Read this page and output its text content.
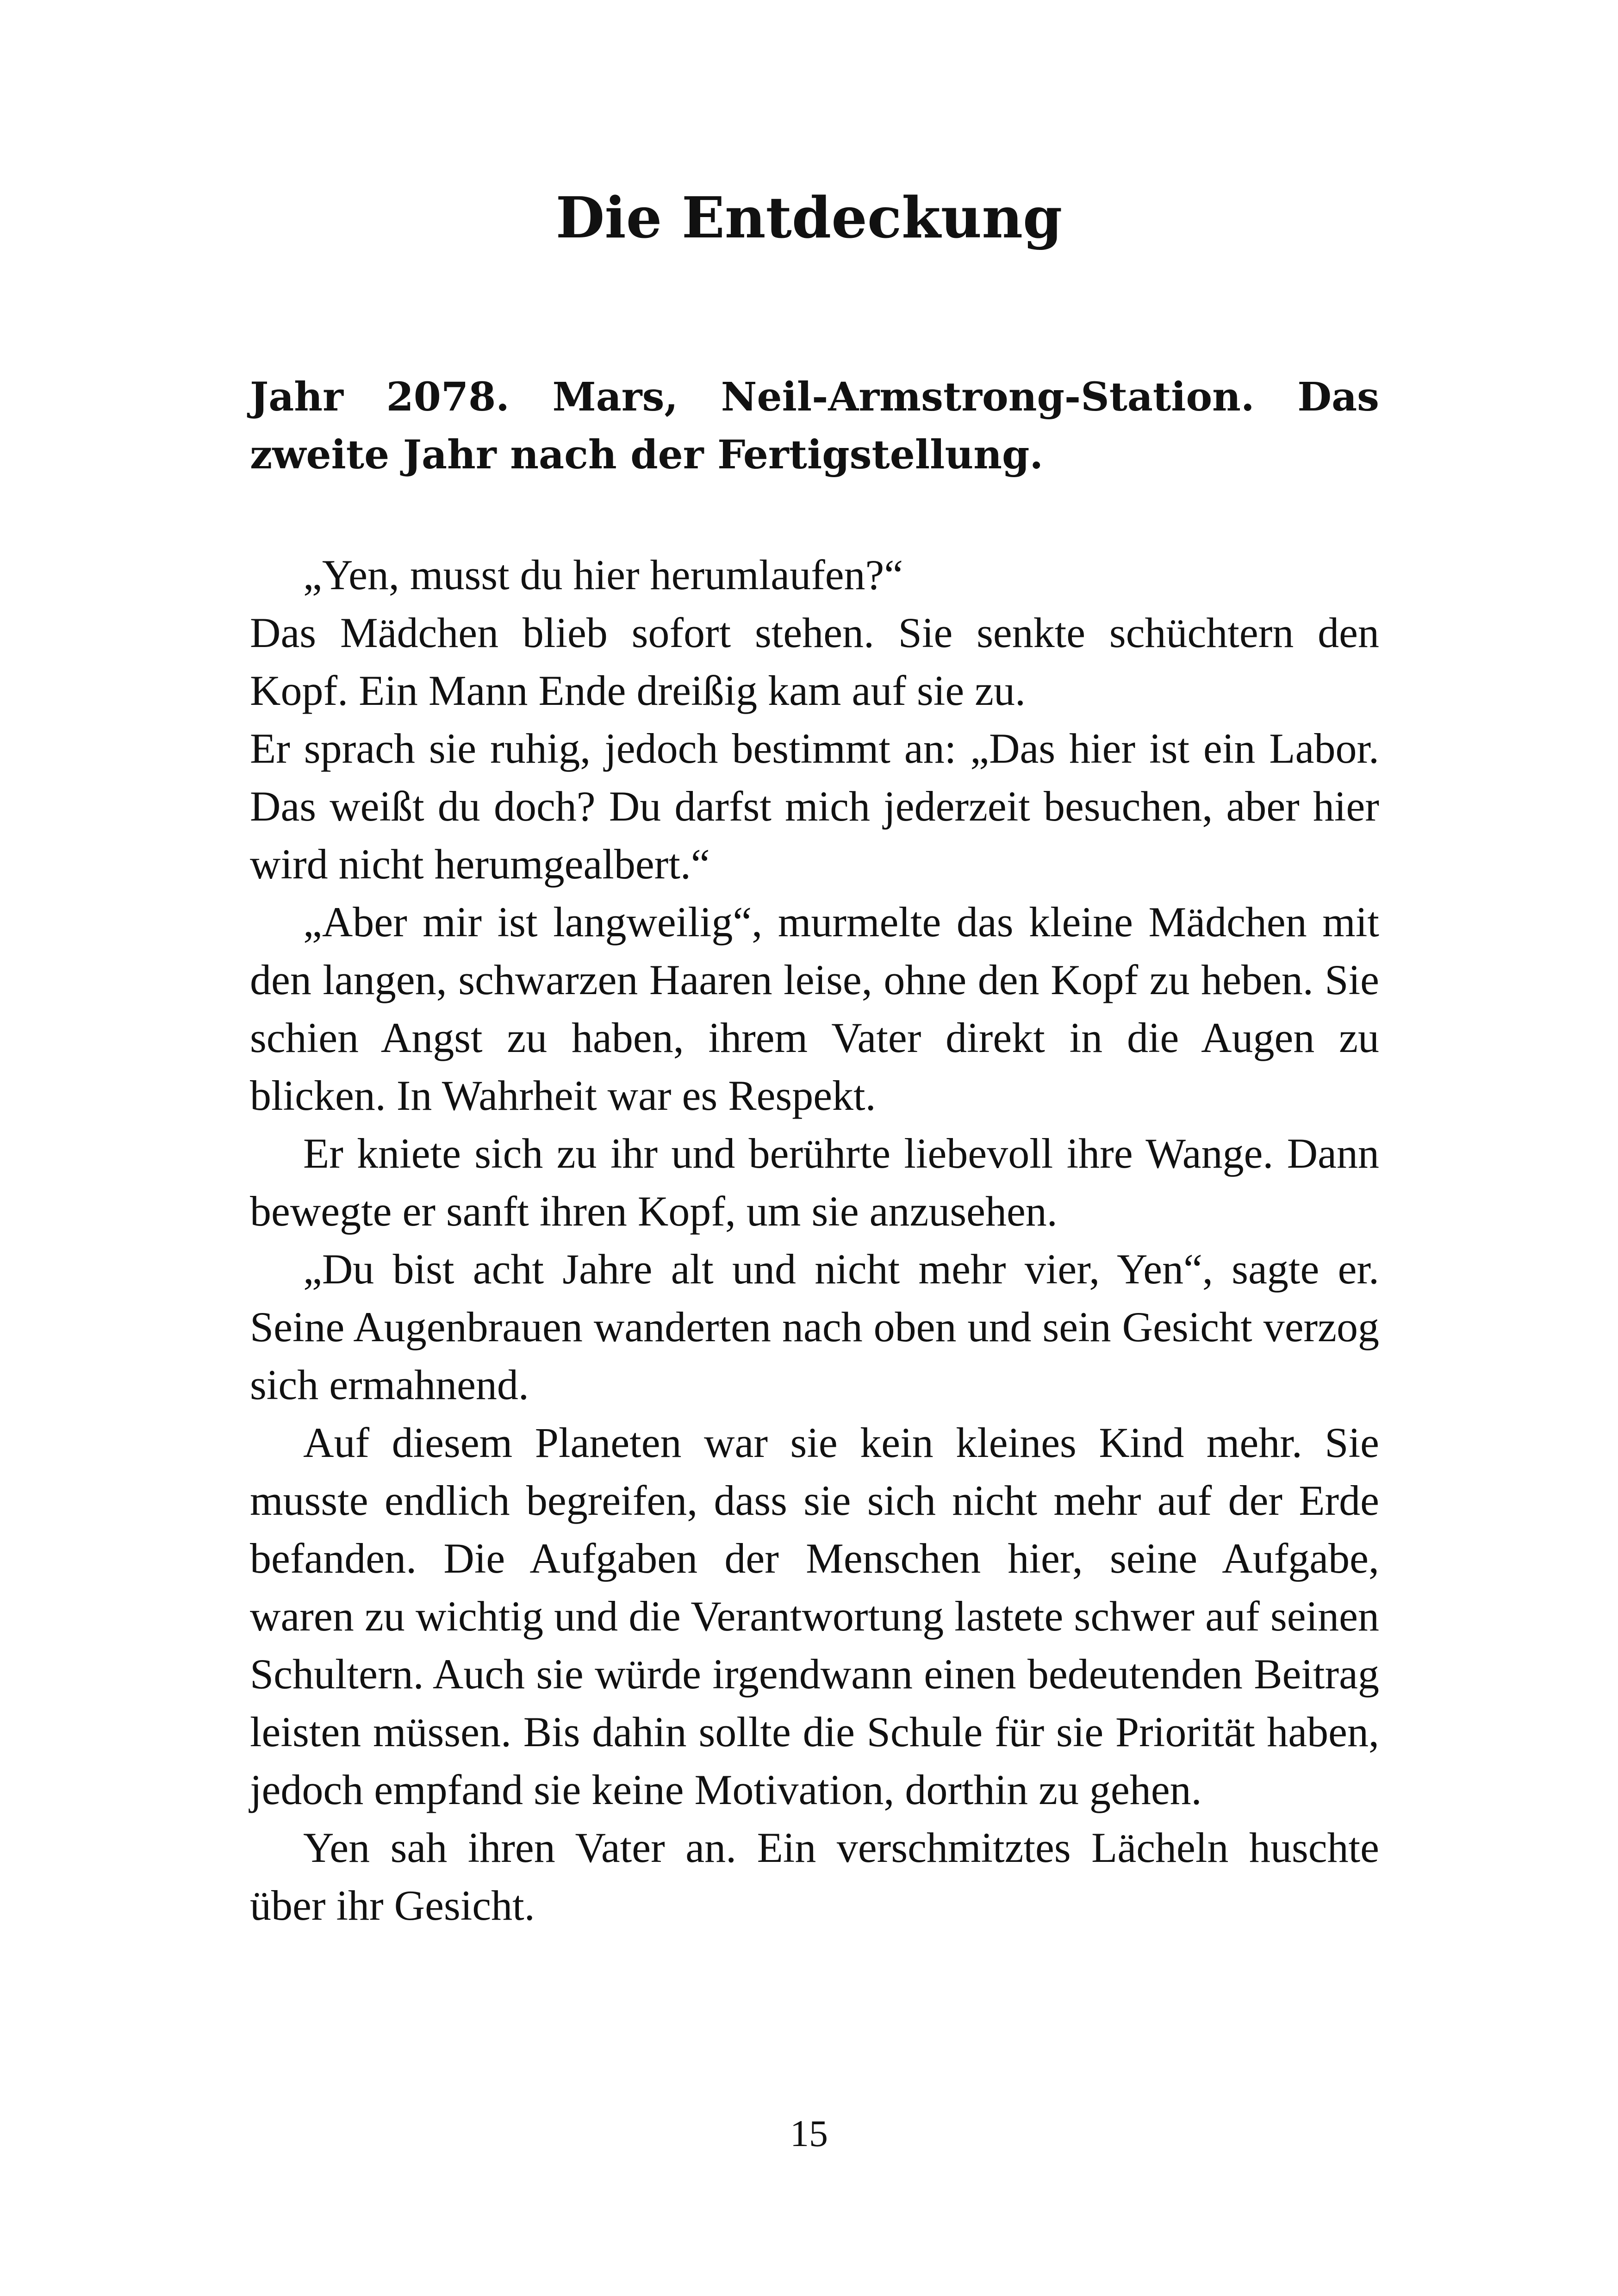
Die Entdeckung

Jahr 2078. Mars, Neil-Armstrong-Station. Das zweite Jahr nach der Fertigstellung.

„Yen, musst du hier herumlaufen?“

Das Mädchen blieb sofort stehen. Sie senkte schüchtern den Kopf. Ein Mann Ende dreißig kam auf sie zu.

Er sprach sie ruhig, jedoch bestimmt an: „Das hier ist ein Labor. Das weißt du doch? Du darfst mich jederzeit besuchen, aber hier wird nicht herumgealbert.“

„Aber mir ist langweilig“, murmelte das kleine Mädchen mit den langen, schwarzen Haaren leise, ohne den Kopf zu heben. Sie schien Angst zu haben, ihrem Vater direkt in die Augen zu blicken. In Wahrheit war es Respekt.

Er kniete sich zu ihr und berührte liebevoll ihre Wange. Dann bewegte er sanft ihren Kopf, um sie anzusehen.

„Du bist acht Jahre alt und nicht mehr vier, Yen“, sagte er. Seine Augenbrauen wanderten nach oben und sein Gesicht verzog sich ermahnend.

Auf diesem Planeten war sie kein kleines Kind mehr. Sie musste endlich begreifen, dass sie sich nicht mehr auf der Erde befanden. Die Aufgaben der Menschen hier, seine Aufgabe, waren zu wichtig und die Verantwortung lastete schwer auf seinen Schultern. Auch sie würde irgendwann einen bedeutenden Beitrag leisten müssen. Bis dahin sollte die Schule für sie Priorität haben, jedoch empfand sie keine Motivation, dorthin zu gehen.

Yen sah ihren Vater an. Ein verschmitztes Lächeln huschte über ihr Gesicht.

15
